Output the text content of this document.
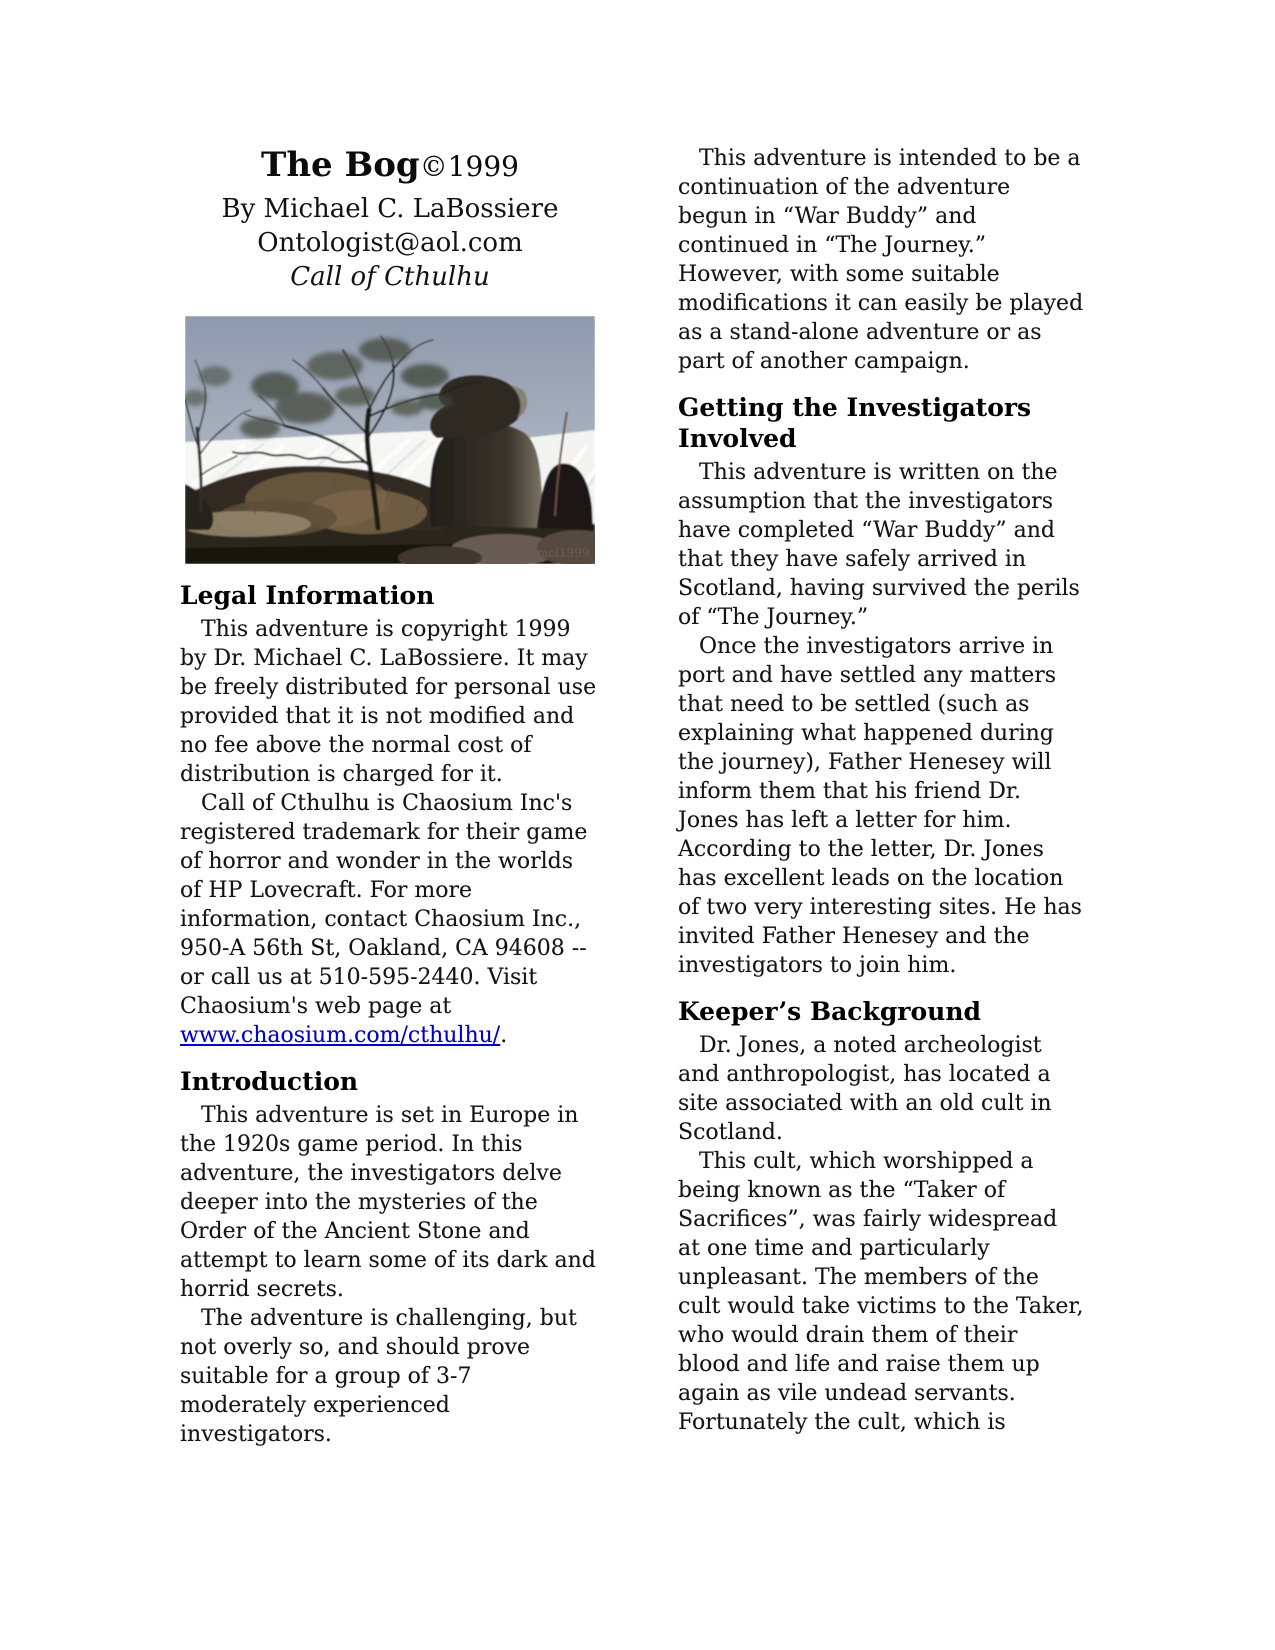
The Bog©1999
By Michael C. LaBossiere
Ontologist@aol.com
Call of Cthulhu
mcl1999
Legal Information

This adventure is copyright 1999 by Dr. Michael C. LaBossiere. It may be freely distributed for personal use provided that it is not modified and no fee above the normal cost of distribution is charged for it.

Call of Cthulhu is Chaosium Inc's registered trademark for their game of horror and wonder in the worlds of HP Lovecraft. For more information, contact Chaosium Inc., 950-A 56th St, Oakland, CA 94608 -- or call us at 510-595-2440. Visit Chaosium's web page at www.chaosium.com/cthulhu/.

Introduction

This adventure is set in Europe in the 1920s game period. In this adventure, the investigators delve deeper into the mysteries of the Order of the Ancient Stone and attempt to learn some of its dark and horrid secrets.

The adventure is challenging, but not overly so, and should prove suitable for a group of 3-7 moderately experienced investigators.

This adventure is intended to be a continuation of the adventure begun in “War Buddy” and continued in “The Journey.” However, with some suitable modifications it can easily be played as a stand-alone adventure or as part of another campaign.

Getting the Investigators Involved

This adventure is written on the assumption that the investigators have completed “War Buddy” and that they have safely arrived in Scotland, having survived the perils of “The Journey.”

Once the investigators arrive in port and have settled any matters that need to be settled (such as explaining what happened during the journey), Father Henesey will inform them that his friend Dr. Jones has left a letter for him. According to the letter, Dr. Jones has excellent leads on the location of two very interesting sites. He has invited Father Henesey and the investigators to join him.

Keeper’s Background

Dr. Jones, a noted archeologist and anthropologist, has located a site associated with an old cult in Scotland.

This cult, which worshipped a being known as the “Taker of Sacrifices”, was fairly widespread at one time and particularly unpleasant. The members of the cult would take victims to the Taker, who would drain them of their blood and life and raise them up again as vile undead servants. Fortunately the cult, which is
